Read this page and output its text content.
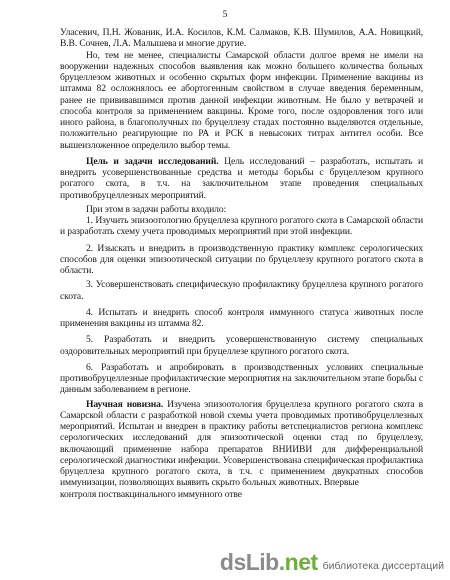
5

Уласевич, П.Н. Жованик, И.А. Косилов, К.М. Салмаков, К.В. Шумилов, А.А. Новицкий, В.В. Сочнев, Л.А. Малышева и многие другие.

Но, тем не менее, специалисты Самарской области долгое время не имели на вооружении надежных способов выявления как можно большего количества больных бруцеллезом животных и особенно скрытых форм инфекции. Применение вакцины из штамма 82 осложнялось ее абортогенным свойством в случае введения беременным, ранее не прививавшимся против данной инфекции животным. Не было у ветврачей и способа контроля за применением вакцины. Кроме того, после оздоровления того или иного района, в благополучных по бруцеллезу стадах постоянно выделяются отдельные, положительно реагирующие по РА и РСК в невысоких титрах антител особи. Все вышеизложенное определило выбор темы.

Цель и задачи исследований. Цель исследований – разработать, испытать и внедрить усовершенствованные средства и методы борьбы с бруцеллезом крупного рогатого скота, в т.ч. на заключительном этапе проведения специальных противобруцеллезных мероприятий.

При этом в задачи работы входило:

1. Изучить эпизоотологию бруцеллеза крупного рогатого скота в Самарской области и разработать схему учета проводимых мероприятий при этой инфекции.

2. Изыскать и внедрить в производственную практику комплекс серологических способов для оценки эпизоотической ситуации по бруцеллезу крупного рогатого скота в области.

3. Усовершенствовать специфическую профилактику бруцеллеза крупного рогатого скота.

4. Испытать и внедрить способ контроля иммунного статуса животных после применения вакцины из штамма 82.

5. Разработать и внедрить усовершенствованную систему специальных оздоровительных мероприятий при бруцеллезе крупного рогатого скота.

6. Разработать и апробировать в производственных условиях специальные противобруцеллезные профилактические мероприятия на заключительном этапе борьбы с данным заболеванием в регионе.

Научная новизна. Изучена эпизоотология бруцеллеза крупного рогатого скота в Самарской области с разработкой новой схемы учета проводимых противобруцеллезных мероприятий. Испытан и внедрен в практику работы ветспециалистов региона комплекс серологических исследований для эпизоотической оценки стад по бруцеллезу, включающий применение набора препаратов ВНИИВИ для дифференциальной серологической диагностики инфекции. Усовершенствована специфическая профилактика бруцеллеза крупного рогатого скота, в т.ч. с применением двукратных способов иммунизации, позволяющих выявить скрыто больных животных. Впервые

контроля поствакцинального иммунного отве

dsLib.net библиотека диссертаций
